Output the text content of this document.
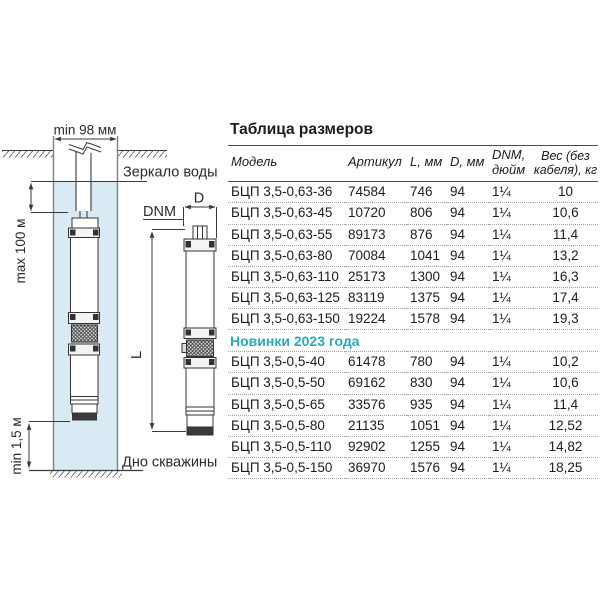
min 98 мм
Зеркало воды
max 100 м
min 1,5 м	Дно скважины
D
DNM
L
Таблица размеров
Модель	Артикул	L, мм	D, мм	DNM, дюйм	Вес (без кабеля), кг
БЦП 3,5-0,63-36	74584	746	94	1¼	10
БЦП 3,5-0,63-45	10720	806	94	1¼	10,6
БЦП 3,5-0,63-55	89173	876	94	1¼	11,4
БЦП 3,5-0,63-80	70084	1041	94	1¼	13,2
БЦП 3,5-0,63-110	25173	1300	94	1¼	16,3
БЦП 3,5-0,63-125	83119	1375	94	1¼	17,4
БЦП 3,5-0,63-150	19224	1578	94	1¼	19,3
Новинки 2023 года					
БЦП 3,5-0,5-40	61478	780	94	1¼	10,2
БЦП 3,5-0,5-50	69162	830	94	1¼	10,6
БЦП 3,5-0,5-65	33576	935	94	1¼	11,4
БЦП 3,5-0,5-80	21135	1051	94	1¼	12,52
БЦП 3,5-0,5-110	92902	1255	94	1¼	14,82
БЦП 3,5-0,5-150	36970	1576	94	1¼	18,25
